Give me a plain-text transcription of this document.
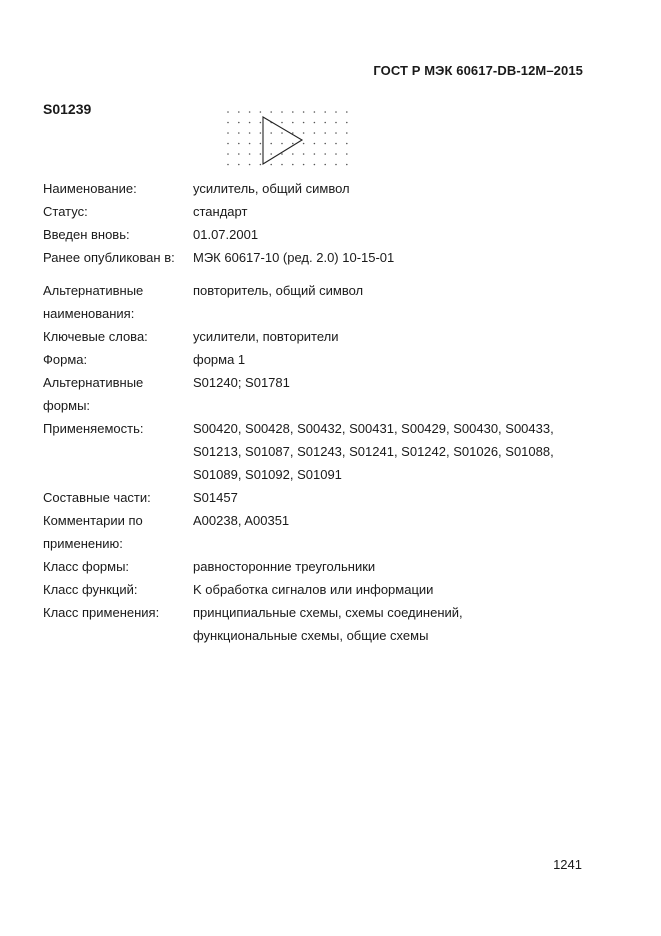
ГОСТ Р МЭК 60617-DB-12M–2015
S01239
Наименование:	усилитель, общий символ
Статус:	стандарт
Введен вновь:	01.07.2001
Ранее опубликован в:	МЭК 60617-10 (ред. 2.0) 10-15-01
Альтернативные наименования:
повторитель, общий символ
Ключевые слова:	усилители, повторители
Форма:	форма 1
Альтернативные формы:
S01240; S01781
Применяемость:	S00420, S00428, S00432, S00431, S00429, S00430, S00433, S01213, S01087, S01243, S01241, S01242, S01026, S01088, S01089, S01092, S01091
Составные части:	S01457
Комментарии по применению:
A00238, A00351
Класс формы:	равносторонние треугольники
Класс функций:	K обработка сигналов или информации
Класс применения:	принципиальные схемы, схемы соединений, функциональные схемы, общие схемы
1241
